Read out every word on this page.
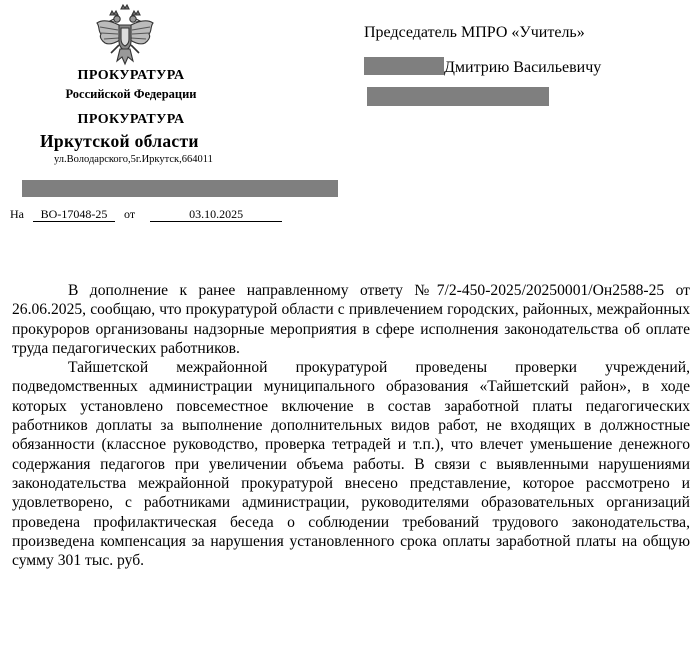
ПРОКУРАТУРА
Российской Федерации
ПРОКУРАТУРА
Иркутской области
ул.Володарского,5г.Иркутск,664011
На ВО-17048-25 от	03.10.2025
Председатель МПРО «Учитель»
Дмитрию Васильевичу

В дополнение к ранее направленному ответу №7/2-450-2025/20250001/Он2588-25 от 26.06.2025, сообщаю, что прокуратурой области с привлечением городских, районных, межрайонных прокуроров организованы надзорные мероприятия в сфере исполнения законодательства об оплате труда педагогических работников.

Тайшетской межрайонной прокуратурой проведены проверки учреждений, подведомственных администрации муниципального образования «Тайшетский район», в ходе которых установлено повсеместное включение в состав заработной платы педагогических работников доплаты за выполнение дополнительных видов работ, не входящих в должностные обязанности (классное руководство, проверка тетрадей и т.п.), что влечет уменьшение денежного содержания педагогов при увеличении объема работы. В связи с выявленными нарушениями законодательства межрайонной прокуратурой внесено представление, которое рассмотрено и удовлетворено, с работниками администрации, руководителями образовательных организаций проведена профилактическая беседа о соблюдении требований трудового законодательства, произведена компенсация за нарушения установленного срока оплаты заработной платы на общую сумму 301 тыс. руб.
